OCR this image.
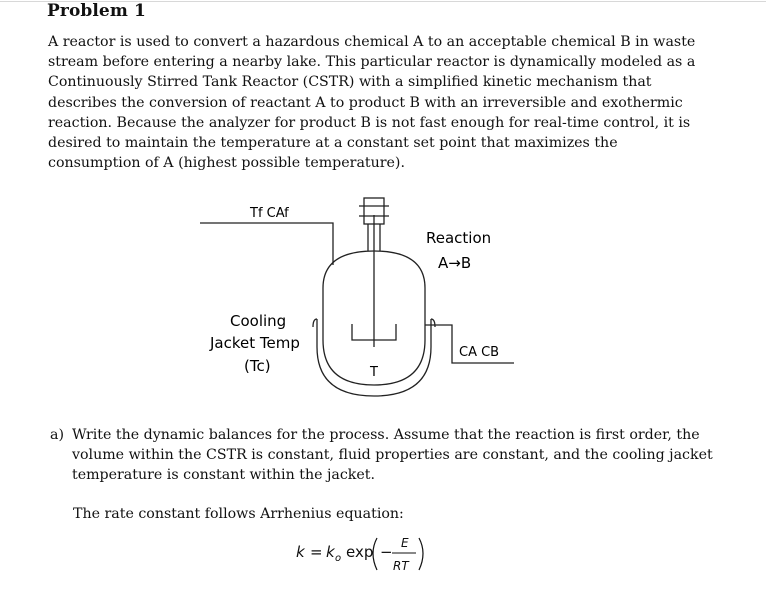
Problem 1
A reactor is used to convert a hazardous chemical A to an acceptable chemical B in waste
stream before entering a nearby lake. This particular reactor is dynamically modeled as a
Continuously Stirred Tank Reactor (CSTR) with a simplified kinetic mechanism that
describes the conversion of reactant A to product B with an irreversible and exothermic
reaction. Because the analyzer for product B is not fast enough for real-time control, it is
desired to maintain the temperature at a constant set point that maximizes the
consumption of A (highest possible temperature).
Tf CAf
Reaction
A→B
Cooling
Jacket Temp
(Tc)
CA CB
T
a) Write the dynamic balances for the process. Assume that the reaction is first order, the
volume within the CSTR is constant, fluid properties are constant, and the cooling jacket
temperature is constant within the jacket.
The rate constant follows Arrhenius equation:
k = k o exp − E
RT
